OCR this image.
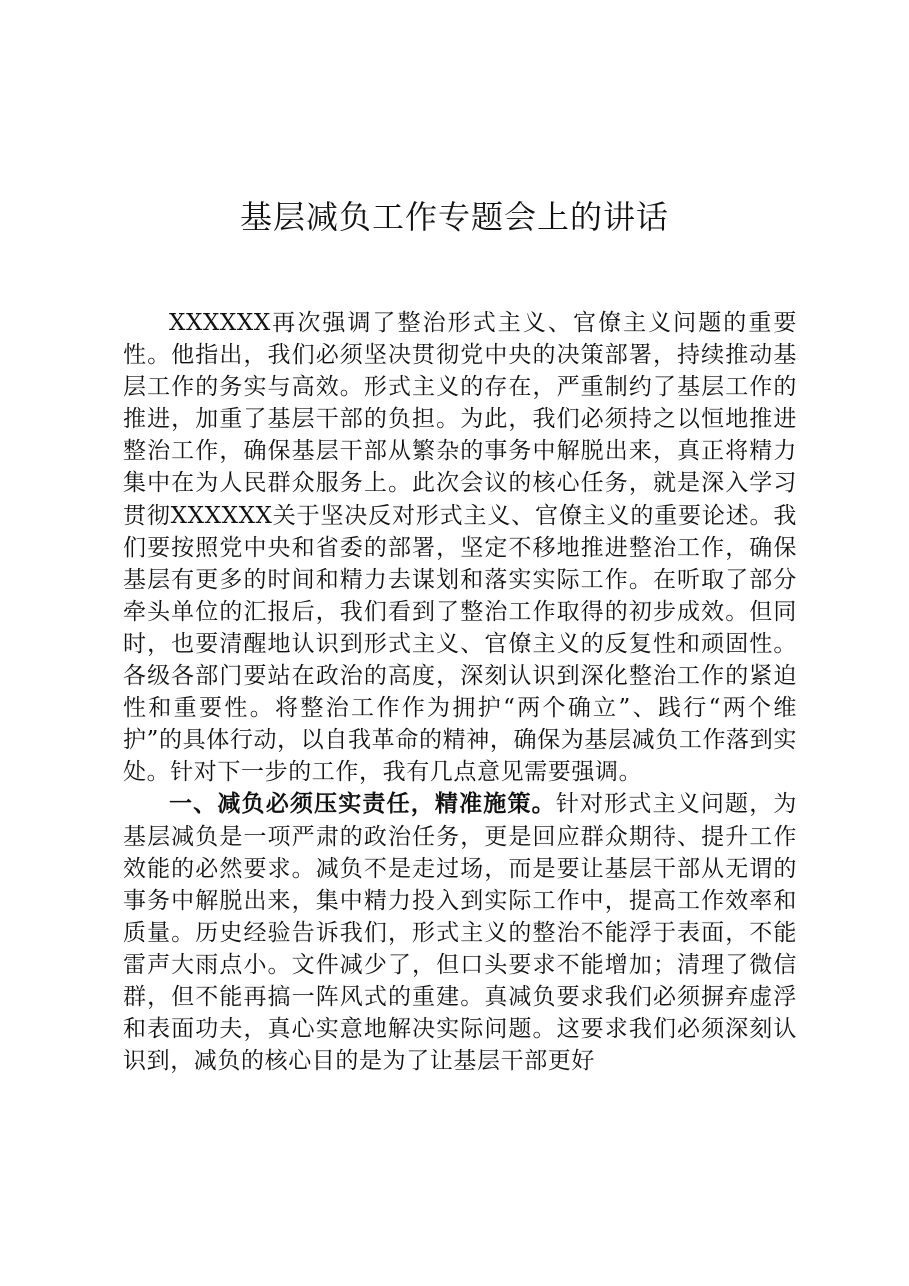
基层减负工作专题会上的讲话

XXXXXX再次强调了整治形式主义、官僚主义问题的重要性。他指出，我们必须坚决贯彻党中央的决策部署，持续推动基层工作的务实与高效。形式主义的存在，严重制约了基层工作的推进，加重了基层干部的负担。为此，我们必须持之以恒地推进整治工作，确保基层干部从繁杂的事务中解脱出来，真正将精力集中在为人民群众服务上。此次会议的核心任务，就是深入学习贯彻XXXXXX关于坚决反对形式主义、官僚主义的重要论述。我们要按照党中央和省委的部署，坚定不移地推进整治工作，确保基层有更多的时间和精力去谋划和落实实际工作。在听取了部分牵头单位的汇报后，我们看到了整治工作取得的初步成效。但同时，也要清醒地认识到形式主义、官僚主义的反复性和顽固性。各级各部门要站在政治的高度，深刻认识到深化整治工作的紧迫性和重要性。将整治工作作为拥护“两个确立”、践行“两个维护”的具体行动，以自我革命的精神，确保为基层减负工作落到实处。针对下一步的工作，我有几点意见需要强调。

一、减负必须压实责任，精准施策。针对形式主义问题，为基层减负是一项严肃的政治任务，更是回应群众期待、提升工作效能的必然要求。减负不是走过场，而是要让基层干部从无谓的事务中解脱出来，集中精力投入到实际工作中，提高工作效率和质量。历史经验告诉我们，形式主义的整治不能浮于表面，不能雷声大雨点小。文件减少了，但口头要求不能增加；清理了微信群，但不能再搞一阵风式的重建。真减负要求我们必须摒弃虚浮和表面功夫，真心实意地解决实际问题。这要求我们必须深刻认识到，减负的核心目的是为了让基层干部更好
